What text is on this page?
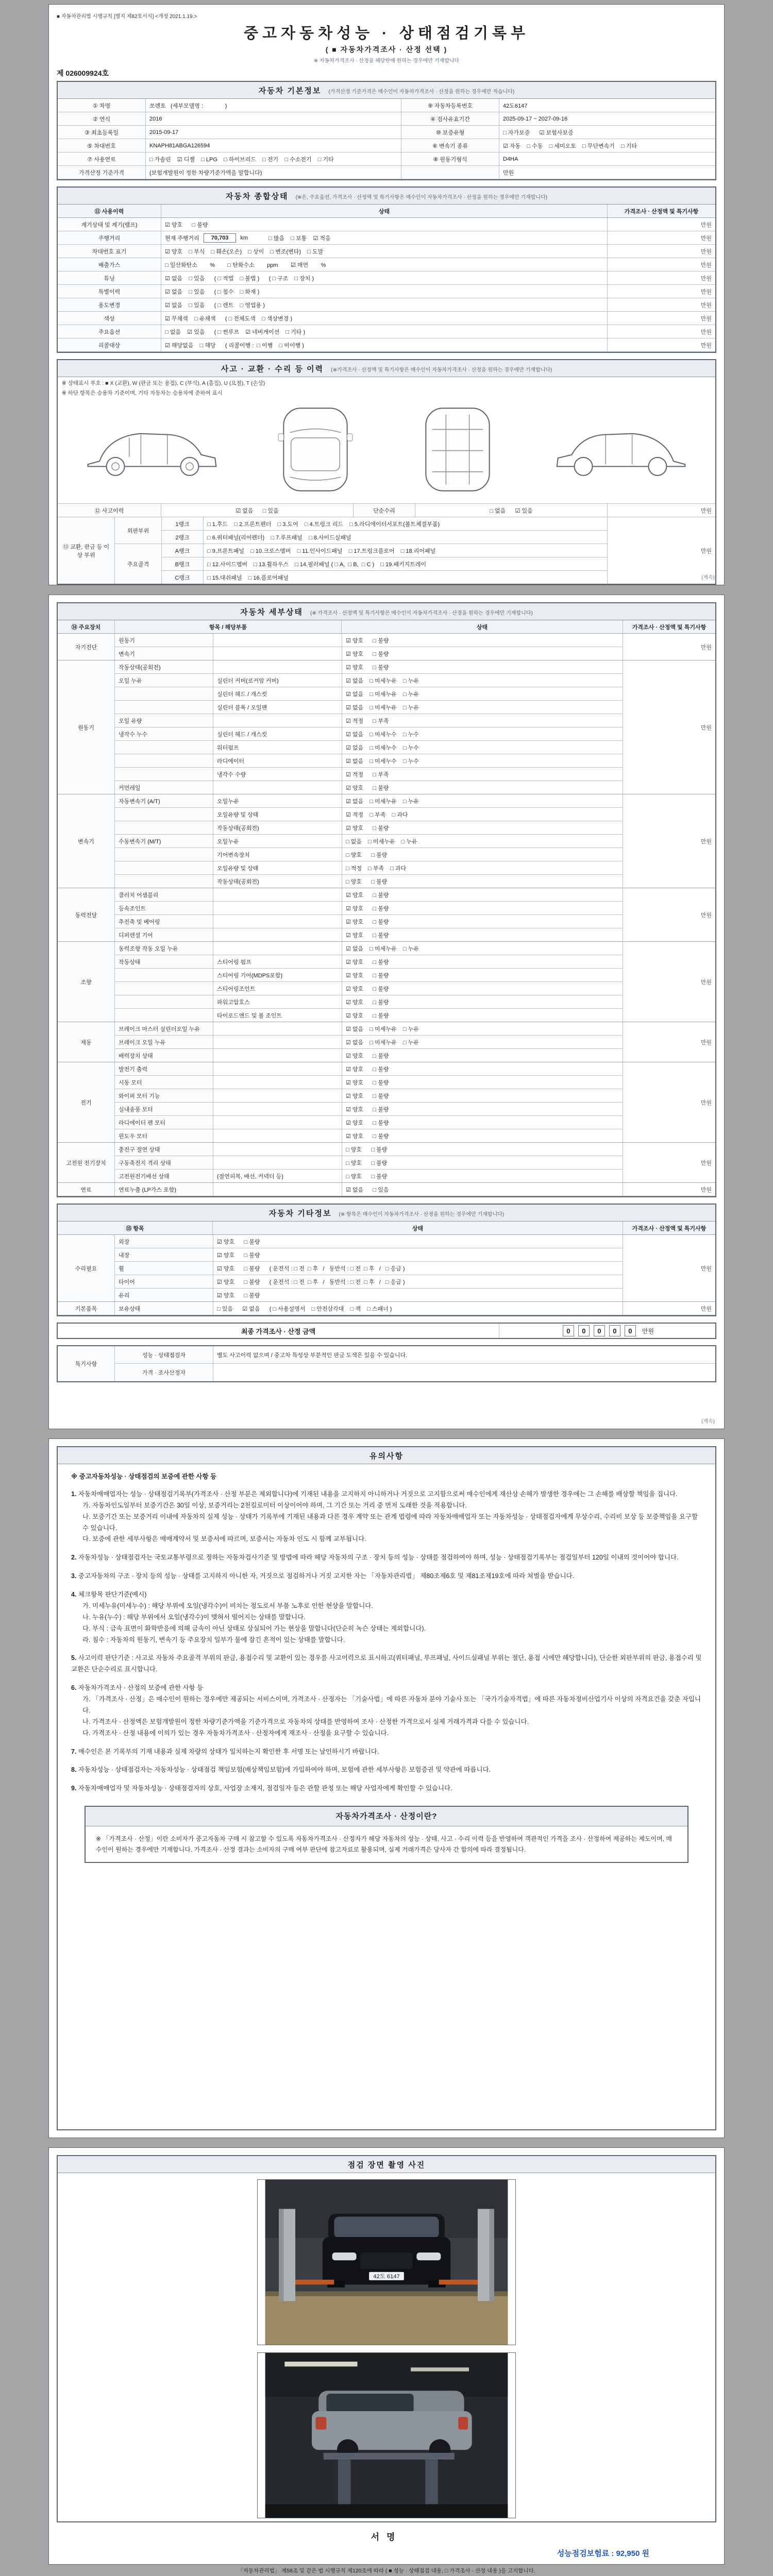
■ 자동차관리법 시행규칙 [별지 제82호서식] <개정 2021.1.19.>
중고자동차성능 · 상태점검기록부
( ■ 자동차가격조사 · 산정 선택 )
※ 자동차가격조사 · 산정을 해당란에 원하는 경우에만 기재합니다
제 026009924호
자동차 기본정보 (가격산정 기준가격은 매수인이 자동차가격조사 · 산정을 원하는 경우에만 적습니다)
① 차명	쏘렌토   (세부모델명 :              )	⑨ 자동차등록번호	42도6147
② 연식	2016	④ 검사유효기간	2025-09-17 ~ 2027-09-16
③ 최초등록일	2015-09-17	⑩ 보증유형	□ 자가보증      ☑ 보험사보증
⑤ 차대번호	KNAPH81ABGA126594	⑥ 변속기 종류	☑ 자동    □ 수동    □ 세미오토    □ 무단변속기    □ 기타
⑦ 사용연료	□ 가솔린    ☑ 디젤    □ LPG    □ 하이브리드    □ 전기    □ 수소전기    □ 기타	⑧ 원동기형식	D4HA
가격산정 기준가격	(보험개발원이 정한 차량기준가액을 말합니다)	만원
자동차 종합상태 (※은, 주요옵션, 가격조사 · 산정액 및 특기사항은 매수인이 자동차가격조사 · 산정을 원하는 경우에만 기재합니다)
⑪ 사용이력	상태	가격조사 · 산정액 및 특기사항
계기상태 및 계기(램프)	☑ 양호      □ 불량	만원
주행거리	현재 주행거리	70,703	km	□ 많음    □ 보통    ☑ 적음	만원
차대번호 표기	☑ 양호    □ 부식    □ 훼손(오손)    □ 상이    □ 변조(변타)    □ 도말	만원
배출가스	□ 일산화탄소        %        □ 탄화수소        ppm        ☑ 매연        %	만원
튜닝	☑ 없음    □ 있음      ( □ 적법    □ 불법 )      ( □ 구조    □ 장치 )	만원
특별이력	☑ 없음    □ 있음      ( □ 침수    □ 화재 )	만원
용도변경	☑ 없음    □ 있음      ( □ 렌트    □ 영업용 )	만원
색상	☑ 무채색    □ 유채색      ( □ 전체도색    □ 색상변경 )	만원
주요옵션	□ 없음    ☑ 있음      ( □ 썬루프    ☑ 네비게이션    □ 기타 )	만원
리콜대상	☑ 해당없음    □ 해당      ( 리콜이행 :  □ 이행    □ 미이행 )	만원
사고 · 교환 · 수리 등 이력 (※가격조사 · 산정액 및 특기사항은 매수인이 자동차가격조사 · 산정을 원하는 경우에만 기재합니다)
※ 상태표시 부호 : ■ X (교환), W (판금 또는 용접), C (부식), A (흠집), U (요철), T (손상)
※ 하단 항목은 승용차 기준이며, 기타 자동차는 승용차에 준하여 표시
⑫ 사고이력	☑ 없음      □ 있음	단순수리	□ 없음      ☑ 있음	만원
⑬ 교환, 판금 등 이상 부위
외판부위
1랭크	□ 1.후드    □ 2.프론트펜더    □ 3.도어    □ 4.트렁크 리드    □ 5.라디에이터서포트(볼트체결부품)
2랭크	□ 6.쿼터패널(리어펜더)    □ 7.루프패널    □ 8.사이드실패널
주요골격
A랭크	□ 9.프론트패널    □ 10.크로스멤버    □ 11.인사이드패널    □ 17.트렁크플로어    □ 18.리어패널
B랭크	□ 12.사이드멤버    □ 13.휠하우스    □ 14.필러패널 ( □ A,  □ B,  □ C )    □ 19.패키지트레이
C랭크	□ 15.대쉬패널    □ 16.플로어패널
만원
(계속)
자동차 세부상태 (※ 가격조사 · 산정액 및 특기사항은 매수인이 자동차가격조사 · 산정을 원하는 경우에만 기재합니다)
⑭ 주요장치	항목 / 해당부품	상태	가격조사 · 산정액 및 특기사항
자기진단
원동기	☑ 양호      □ 불량
변속기	☑ 양호      □ 불량
만원
원동기
작동상태(공회전)	☑ 양호      □ 불량
오일 누유	실린더 커버(로커암 커버)	☑ 없음    □ 미세누유    □ 누유
실린더 헤드 / 개스킷	☑ 없음    □ 미세누유    □ 누유
실린더 블록 / 오일팬	☑ 없음    □ 미세누유    □ 누유
오일 유량	☑ 적정      □ 부족
냉각수 누수	실린더 헤드 / 개스킷	☑ 없음    □ 미세누수    □ 누수
워터펌프	☑ 없음    □ 미세누수    □ 누수
라디에이터	☑ 없음    □ 미세누수    □ 누수
냉각수 수량	☑ 적정      □ 부족
커먼레일	☑ 양호      □ 불량
만원
변속기
자동변속기 (A/T)	오일누유	☑ 없음    □ 미세누유    □ 누유
오일유량 및 상태	☑ 적정    □ 부족    □ 과다
작동상태(공회전)	☑ 양호      □ 불량
수동변속기 (M/T)	오일누유	□ 없음    □ 미세누유    □ 누유
기어변속장치	□ 양호      □ 불량
오일유량 및 상태	□ 적정    □ 부족    □ 과다
작동상태(공회전)	□ 양호      □ 불량
만원
동력전달
클러치 어셈블리	☑ 양호      □ 불량
등속조인트	☑ 양호      □ 불량
추진축 및 베어링	☑ 양호      □ 불량
디퍼렌셜 기어	☑ 양호      □ 불량
만원
조향
동력조향 작동 오일 누유	☑ 없음    □ 미세누유    □ 누유
작동상태	스티어링 펌프	☑ 양호      □ 불량
스티어링 기어(MDPS포함)	☑ 양호      □ 불량
스티어링조인트	☑ 양호      □ 불량
파워고압호스	☑ 양호      □ 불량
타이로드엔드 및 볼 조인트	☑ 양호      □ 불량
만원
제동
브레이크 마스터 실린더오일 누유	☑ 없음    □ 미세누유    □ 누유
브레이크 오일 누유	☑ 없음    □ 미세누유    □ 누유
배력장치 상태	☑ 양호      □ 불량
만원
전기
발전기 출력	☑ 양호      □ 불량
시동 모터	☑ 양호      □ 불량
와이퍼 모터 기능	☑ 양호      □ 불량
실내송풍 모터	☑ 양호      □ 불량
라디에이터 팬 모터	☑ 양호      □ 불량
윈도우 모터	☑ 양호      □ 불량
만원
고전원 전기장치
충전구 절연 상태	□ 양호      □ 불량
구동축전지 격리 상태	□ 양호      □ 불량
고전원전기배선 상태	(절연피복, 배선, 커넥터 등)	□ 양호      □ 불량
만원
연료	연료누출 (LP가스 포함)	☑ 없음      □ 있음	만원
자동차 기타정보 (※ 항목은 매수인이 자동차가격조사 · 산정을 원하는 경우에만 기재합니다)
⑮ 항목	상태	가격조사 · 산정액 및 특기사항
수리필요
외장	☑ 양호      □ 불량
내장	☑ 양호      □ 불량
휠	☑ 양호      □ 불량      ( 운전석 : □ 전  □ 후   /   동반석 : □ 전  □ 후   /   □ 응급 )
타이어	☑ 양호      □ 불량      ( 운전석 : □ 전  □ 후   /   동반석 : □ 전  □ 후   /   □ 응급 )
유리	☑ 양호      □ 불량
만원
기본품목	보유상태	□ 있음      ☑ 없음      ( □ 사용설명서    □ 안전삼각대    □ 잭    □ 스패너 )	만원
최종 가격조사 · 산정 금액	0 0 0 0 0	만원
특기사항
성능 · 상태점검자	별도 사고이력 없으며 / 중고차 특성상 부분적인 판금 도색은 있을 수 있습니다.
가격 · 조사산정자
(계속)
유의사항
※ 중고자동차성능 · 상태점검의 보증에 관한 사항 등
1. 자동차매매업자는 성능 · 상태점검기록부(가격조사 · 산정 부분은 제외합니다)에 기재된 내용을 고지하지 아니하거나 거짓으로 고지함으로써 매수인에게 재산상 손해가 발생한 경우에는 그 손해를 배상할 책임을 집니다.
가. 자동차인도일부터 보증기간은 30일 이상, 보증거리는 2천킬로미터 이상이어야 하며, 그 기간 또는 거리 중 먼저 도래한 것을 적용합니다.
나. 보증기간 또는 보증거리 이내에 자동차의 실제 성능 · 상태가 기록부에 기재된 내용과 다른 경우 계약 또는 관계 법령에 따라 자동차매매업자 또는 자동차성능 · 상태점검자에게 무상수리, 수리비 보상 등 보증책임을 요구할 수 있습니다.
다. 보증에 관한 세부사항은 매매계약서 및 보증서에 따르며, 보증서는 자동차 인도 시 함께 교부됩니다.
2. 자동차성능 · 상태점검자는 국토교통부령으로 정하는 자동차검사기준 및 방법에 따라 해당 자동차의 구조 · 장치 등의 성능 · 상태를 점검하여야 하며, 성능 · 상태점검기록부는 점검일부터 120일 이내의 것이어야 합니다.
3. 중고자동차의 구조 · 장치 등의 성능 · 상태를 고지하지 아니한 자, 거짓으로 점검하거나 거짓 고지한 자는 「자동차관리법」 제80조제6호 및 제81조제19호에 따라 처벌을 받습니다.
4. 체크항목 판단기준(예시)
가. 미세누유(미세누수) : 해당 부위에 오일(냉각수)이 비치는 정도로서 부품 노후로 인한 현상을 말합니다.
나. 누유(누수) : 해당 부위에서 오일(냉각수)이 맺혀서 떨어지는 상태를 말합니다.
다. 부식 : 금속 표면이 화학반응에 의해 금속이 아닌 상태로 상실되어 가는 현상을 말합니다(단순히 녹슨 상태는 제외합니다).
라. 침수 : 자동차의 원동기, 변속기 등 주요장치 일부가 물에 잠긴 흔적이 있는 상태를 말합니다.
5. 사고이력 판단기준 : 사고로 자동차 주요골격 부위의 판금, 용접수리 및 교환이 있는 경우를 사고이력으로 표시하고(쿼터패널, 루프패널, 사이드실패널 부위는 절단, 용접 시에만 해당합니다), 단순한 외판부위의 판금, 용접수리 및 교환은 단순수리로 표시합니다.
6. 자동차가격조사 · 산정의 보증에 관한 사항 등
가. 「가격조사 · 산정」은 매수인이 원하는 경우에만 제공되는 서비스이며, 가격조사 · 산정자는 「기술사법」에 따른 자동차 분야 기술사 또는 「국가기술자격법」에 따른 자동차정비산업기사 이상의 자격요건을 갖춘 자입니다.
나. 가격조사 · 산정액은 보험개발원이 정한 차량기준가액을 기준가격으로 자동차의 상태를 반영하여 조사 · 산정한 가격으로서 실제 거래가격과 다를 수 있습니다.
다. 가격조사 · 산정 내용에 이의가 있는 경우 자동차가격조사 · 산정자에게 재조사 · 산정을 요구할 수 있습니다.
7. 매수인은 본 기록부의 기재 내용과 실제 차량의 상태가 일치하는지 확인한 후 서명 또는 날인하시기 바랍니다.
8. 자동차성능 · 상태점검자는 자동차성능 · 상태점검 책임보험(배상책임보험)에 가입하여야 하며, 보험에 관한 세부사항은 보험증권 및 약관에 따릅니다.
9. 자동차매매업자 및 자동차성능 · 상태점검자의 상호, 사업장 소재지, 점검일자 등은 관할 관청 또는 해당 사업자에게 확인할 수 있습니다.
자동차가격조사 · 산정이란?
※ 「가격조사 · 산정」이란 소비자가 중고자동차 구매 시 참고할 수 있도록 자동차가격조사 · 산정자가 해당 자동차의 성능 · 상태, 사고 · 수리 이력 등을 반영하여 객관적인 가격을 조사 · 산정하여 제공하는 제도이며, 매수인이 원하는 경우에만 기재합니다. 가격조사 · 산정 결과는 소비자의 구매 여부 판단에 참고자료로 활용되며, 실제 거래가격은 당사자 간 합의에 따라 결정됩니다.
점검 장면 촬영 사진
42도 6147
서명
성능점검보험료 : 92,950 원
「자동차관리법」 제58조 및 같은 법 시행규칙 제120조에 따라 ( ■ 성능 · 상태점검 내용, □ 가격조사 · 산정 내용 )을 고지합니다.
